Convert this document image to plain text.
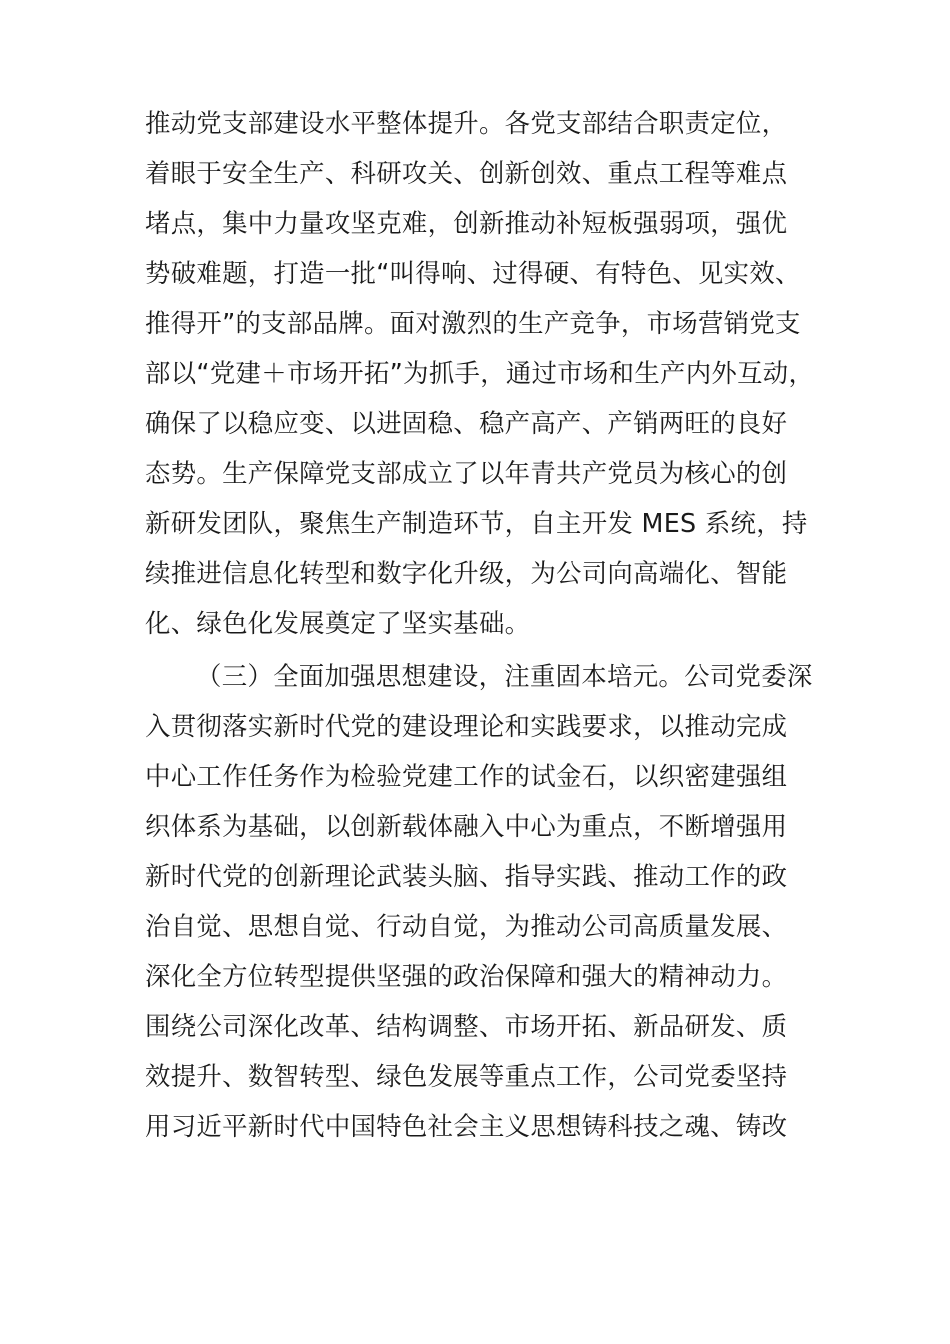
推动党支部建设水平整体提升。各党支部结合职责定位，
着眼于安全生产、科研攻关、创新创效、重点工程等难点
堵点，集中力量攻坚克难，创新推动补短板强弱项，强优
势破难题，打造一批“叫得响、过得硬、有特色、见实效、
推得开”的支部品牌。面对激烈的生产竞争，市场营销党支
部以“党建＋市场开拓”为抓手，通过市场和生产内外互动，
确保了以稳应变、以进固稳、稳产高产、产销两旺的良好
态势。生产保障党支部成立了以年青共产党员为核心的创
新研发团队，聚焦生产制造环节，自主开发 MES 系统，持
续推进信息化转型和数字化升级，为公司向高端化、智能
化、绿色化发展奠定了坚实基础。
（三）全面加强思想建设，注重固本培元。公司党委深
入贯彻落实新时代党的建设理论和实践要求，以推动完成
中心工作任务作为检验党建工作的试金石，以织密建强组
织体系为基础，以创新载体融入中心为重点，不断增强用
新时代党的创新理论武装头脑、指导实践、推动工作的政
治自觉、思想自觉、行动自觉，为推动公司高质量发展、
深化全方位转型提供坚强的政治保障和强大的精神动力。
围绕公司深化改革、结构调整、市场开拓、新品研发、质
效提升、数智转型、绿色发展等重点工作，公司党委坚持
用习近平新时代中国特色社会主义思想铸科技之魂、铸改
